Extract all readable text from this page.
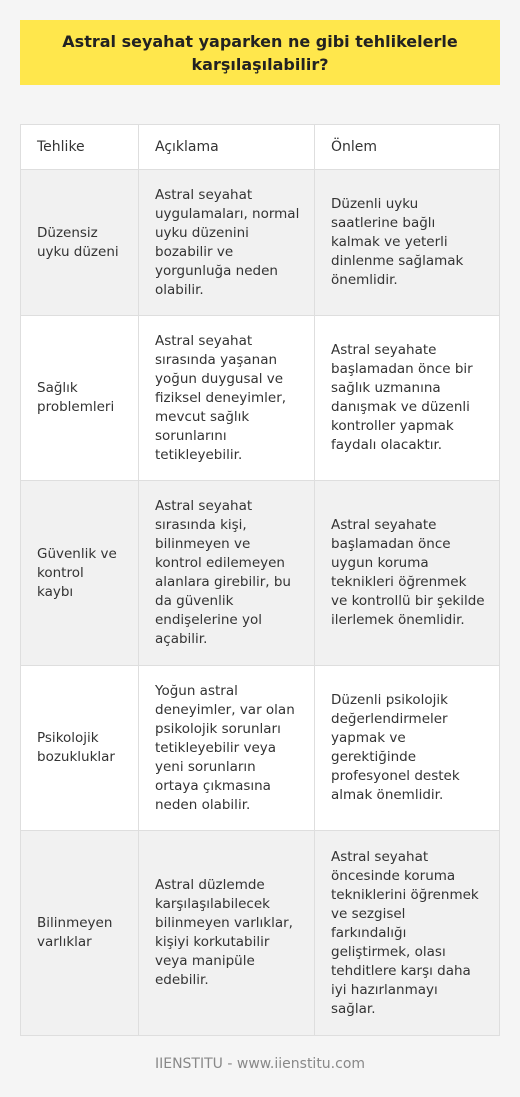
Astral seyahat yaparken ne gibi tehlikelerle karşılaşılabilir?
Tehlike	Açıklama	Önlem
Düzensiz uyku düzeni
Astral seyahat uygulamaları, normal uyku düzenini bozabilir ve yorgunluğa neden olabilir.
Düzenli uyku saatlerine bağlı kalmak ve yeterli dinlenme sağlamak önemlidir.
Sağlık problemleri
Astral seyahat sırasında yaşanan yoğun duygusal ve fiziksel deneyimler, mevcut sağlık sorunlarını tetikleyebilir.
Astral seyahate başlamadan önce bir sağlık uzmanına danışmak ve düzenli kontroller yapmak faydalı olacaktır.
Güvenlik ve kontrol kaybı
Astral seyahat sırasında kişi, bilinmeyen ve kontrol edilemeyen alanlara girebilir, bu da güvenlik endişelerine yol açabilir.
Astral seyahate başlamadan önce uygun koruma teknikleri öğrenmek ve kontrollü bir şekilde ilerlemek önemlidir.
Psikolojik bozukluklar
Yoğun astral deneyimler, var olan psikolojik sorunları tetikleyebilir veya yeni sorunların ortaya çıkmasına neden olabilir.
Düzenli psikolojik değerlendirmeler yapmak ve gerektiğinde profesyonel destek almak önemlidir.
Bilinmeyen varlıklar
Astral düzlemde karşılaşılabilecek bilinmeyen varlıklar, kişiyi korkutabilir veya manipüle edebilir.
Astral seyahat öncesinde koruma tekniklerini öğrenmek ve sezgisel farkındalığı geliştirmek, olası tehditlere karşı daha iyi hazırlanmayı sağlar.
IIENSTITU - www.iienstitu.com
